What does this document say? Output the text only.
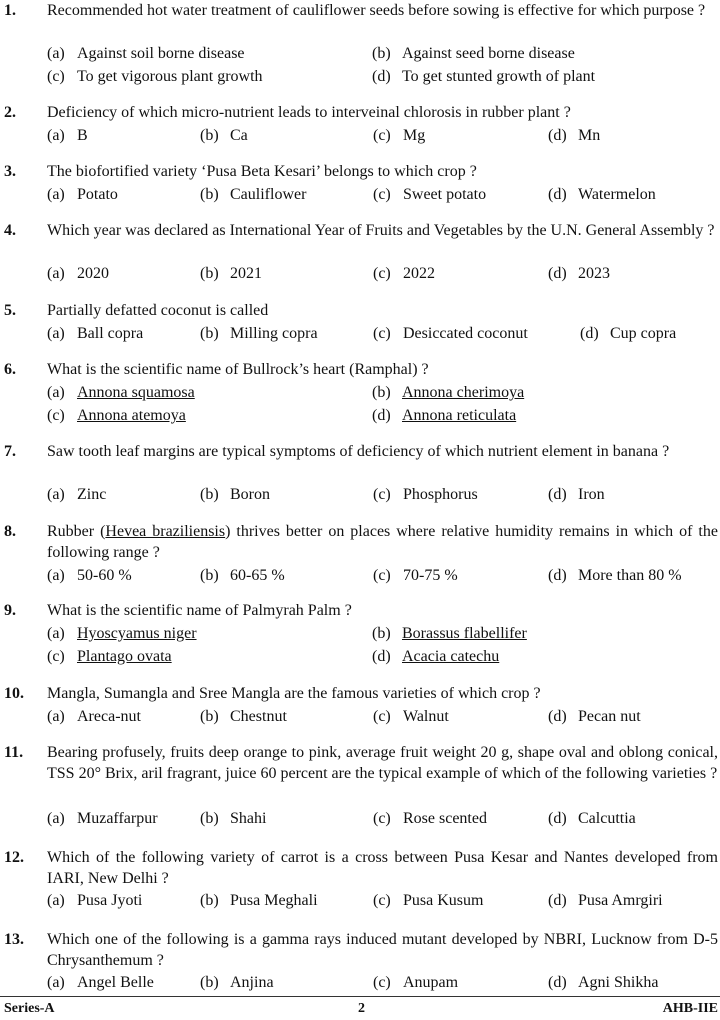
1. Recommended hot water treatment of cauliflower seeds before sowing is effective for which purpose ?
(a) Against soil borne disease	(b) Against seed borne disease
(c) To get vigorous plant growth	(d) To get stunted growth of plant
2. Deficiency of which micro-nutrient leads to interveinal chlorosis in rubber plant ?
(a) B	(b) Ca	(c) Mg	(d) Mn
3. The biofortified variety ‘Pusa Beta Kesari’ belongs to which crop ?
(a) Potato	(b) Cauliflower	(c) Sweet potato	(d) Watermelon
4. Which year was declared as International Year of Fruits and Vegetables by the U.N. General Assembly ?
(a) 2020	(b) 2021	(c) 2022	(d) 2023
5. Partially defatted coconut is called
(a) Ball copra	(b) Milling copra	(c) Desiccated coconut	(d) Cup copra
6. What is the scientific name of Bullrock’s heart (Ramphal) ?
(a) Annona squamosa	(b) Annona cherimoya
(c) Annona atemoya	(d) Annona reticulata
7. Saw tooth leaf margins are typical symptoms of deficiency of which nutrient element in banana ?
(a) Zinc	(b) Boron	(c) Phosphorus	(d) Iron
8. Rubber (Hevea braziliensis) thrives better on places where relative humidity remains in which of the following range ?
(a) 50-60 %	(b) 60-65 %	(c) 70-75 %	(d) More than 80 %
9. What is the scientific name of Palmyrah Palm ?
(a) Hyoscyamus niger	(b) Borassus flabellifer
(c) Plantago ovata	(d) Acacia catechu
10. Mangla, Sumangla and Sree Mangla are the famous varieties of which crop ?
(a) Areca-nut	(b) Chestnut	(c) Walnut	(d) Pecan nut
11. Bearing profusely, fruits deep orange to pink, average fruit weight 20 g, shape oval and oblong conical, TSS 20° Brix, aril fragrant, juice 60 percent are the typical example of which of the following varieties ?
(a) Muzaffarpur	(b) Shahi	(c) Rose scented	(d) Calcuttia
12. Which of the following variety of carrot is a cross between Pusa Kesar and Nantes developed from IARI, New Delhi ?
(a) Pusa Jyoti	(b) Pusa Meghali	(c) Pusa Kusum	(d) Pusa Amrgiri
13. Which one of the following is a gamma rays induced mutant developed by NBRI, Lucknow from D-5 Chrysanthemum ?
(a) Angel Belle	(b) Anjina	(c) Anupam	(d) Agni Shikha
Series-A	2	AHB-IIE
